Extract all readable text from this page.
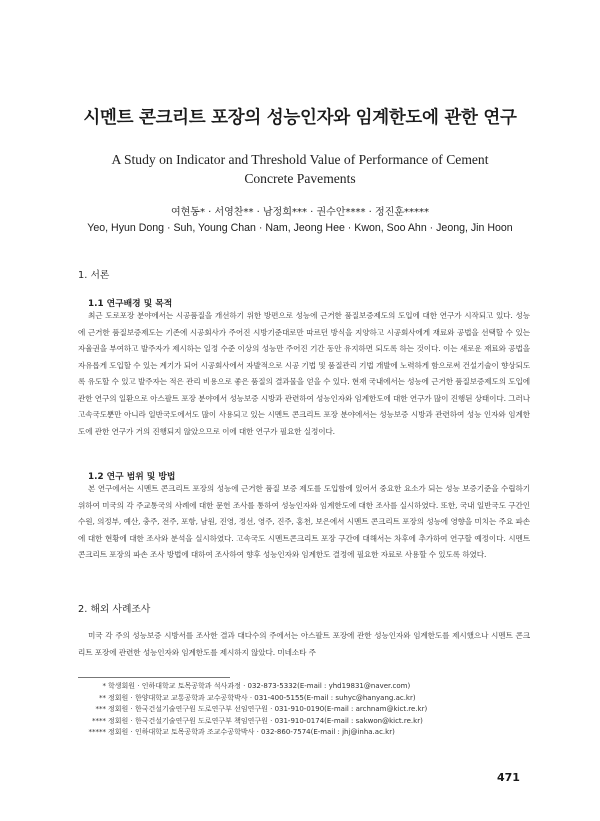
시멘트 콘크리트 포장의 성능인자와 임계한도에 관한 연구
A Study on Indicator and Threshold Value of Performance of Cement
Concrete Pavements
여현동* · 서영찬** · 남정희*** · 권수안**** · 정진훈*****
Yeo, Hyun Dong · Suh, Young Chan · Nam, Jeong Hee · Kwon, Soo Ahn · Jeong, Jin Hoon
1. 서론
1.1 연구배경 및 목적
최근 도로포장 분야에서는 시공품질을 개선하기 위한 방편으로 성능에 근거한 품질보증제도의 도입에 대한 연구가 시작되고 있다. 성능에 근거한 품질보증제도는 기존에 시공회사가 주어진 시방기준대로만 따르던 방식을 지양하고 시공회사에게 재료와 공법을 선택할 수 있는 자율권을 부여하고 발주자가 제시하는 일정 수준 이상의 성능만 주어진 기간 동안 유지하면 되도록 하는 것이다. 이는 새로운 재료와 공법을 자유롭게 도입할 수 있는 계기가 되어 시공회사에서 자발적으로 시공 기법 및 품질관리 기법 개발에 노력하게 함으로써 건설기술이 향상되도록 유도할 수 있고 발주자는 적은 관리 비용으로 좋은 품질의 결과물을 얻을 수 있다. 현재 국내에서는 성능에 근거한 품질보증제도의 도입에 관한 연구의 일환으로 아스팔트 포장 분야에서 성능보증 시방과 관련하여 성능인자와 임계한도에 대한 연구가 많이 진행된 상태이다. 그러나 고속국도뿐만 아니라 일반국도에서도 많이 사용되고 있는 시멘트 콘크리트 포장 분야에서는 성능보증 시방과 관련하여 성능 인자와 임계한도에 관한 연구가 거의 진행되지 않았으므로 이에 대한 연구가 필요한 실정이다.
1.2 연구 범위 및 방법
본 연구에서는 시멘트 콘크리트 포장의 성능에 근거한 품질 보증 제도를 도입함에 있어서 중요한 요소가 되는 성능 보증기준을 수립하기 위하여 미국의 각 주교통국의 사례에 대한 문헌 조사를 통하여 성능인자와 임계한도에 대한 조사를 실시하였다. 또한, 국내 일반국도 구간인 수원, 의정부, 예산, 충주, 전주, 포항, 남원, 진영, 정선, 영주, 진주, 홍천, 보은에서 시멘트 콘크리트 포장의 성능에 영향을 미치는 주요 파손에 대한 현황에 대한 조사와 분석을 실시하였다. 고속국도 시멘트콘크리트 포장 구간에 대해서는 차후에 추가하여 연구할 예정이다. 시멘트 콘크리트 포장의 파손 조사 방법에 대하여 조사하여 향후 성능인자와 임계한도 결정에 필요한 자료로 사용할 수 있도록 하였다.
2. 해외 사례조사
미국 각 주의 성능보증 시방서를 조사한 결과 대다수의 주에서는 아스팔트 포장에 관한 성능인자와 임계한도를 제시했으나 시멘트 콘크리트 포장에 관련한 성능인자와 임계한도를 제시하지 않았다. 미네소타 주
* 학생회원 · 인하대학교 토목공학과 석사과정 · 032-873-5332(E-mail : yhd19831@naver.com)
** 정회원 · 한양대학교 교통공학과 교수공학박사 · 031-400-5155(E-mail : suhyc@hanyang.ac.kr)
*** 정회원 · 한국건설기술연구원 도로연구부 선임연구원 · 031-910-0190(E-mail : archnam@kict.re.kr)
**** 정회원 · 한국건설기술연구원 도로연구부 책임연구원 · 031-910-0174(E-mail : sakwon@kict.re.kr)
***** 정회원 · 인하대학교 토목공학과 조교수공학박사 · 032-860-7574(E-mail : jhj@inha.ac.kr)
471
